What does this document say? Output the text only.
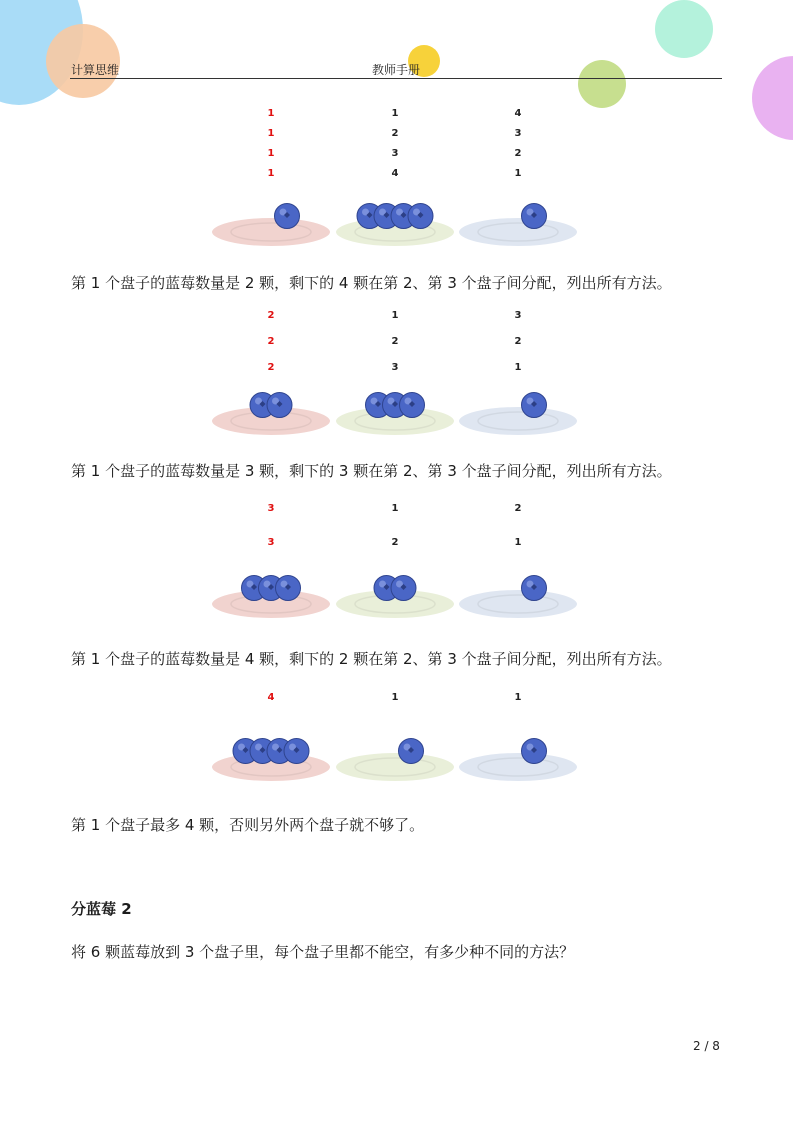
计算思维	教师手册
1	1	4
1	2	3
1	3	2
1	4	1
第 1 个盘子的蓝莓数量是 2 颗，剩下的 4 颗在第 2、第 3 个盘子间分配，列出所有方法。
2	1	3
2	2	2
2	3	1
第 1 个盘子的蓝莓数量是 3 颗，剩下的 3 颗在第 2、第 3 个盘子间分配，列出所有方法。
3	1	2
3	2	1
第 1 个盘子的蓝莓数量是 4 颗，剩下的 2 颗在第 2、第 3 个盘子间分配，列出所有方法。
4	1	1
第 1 个盘子最多 4 颗，否则另外两个盘子就不够了。
分蓝莓 2
将 6 颗蓝莓放到 3 个盘子里，每个盘子里都不能空，有多少种不同的方法？
2 / 8
